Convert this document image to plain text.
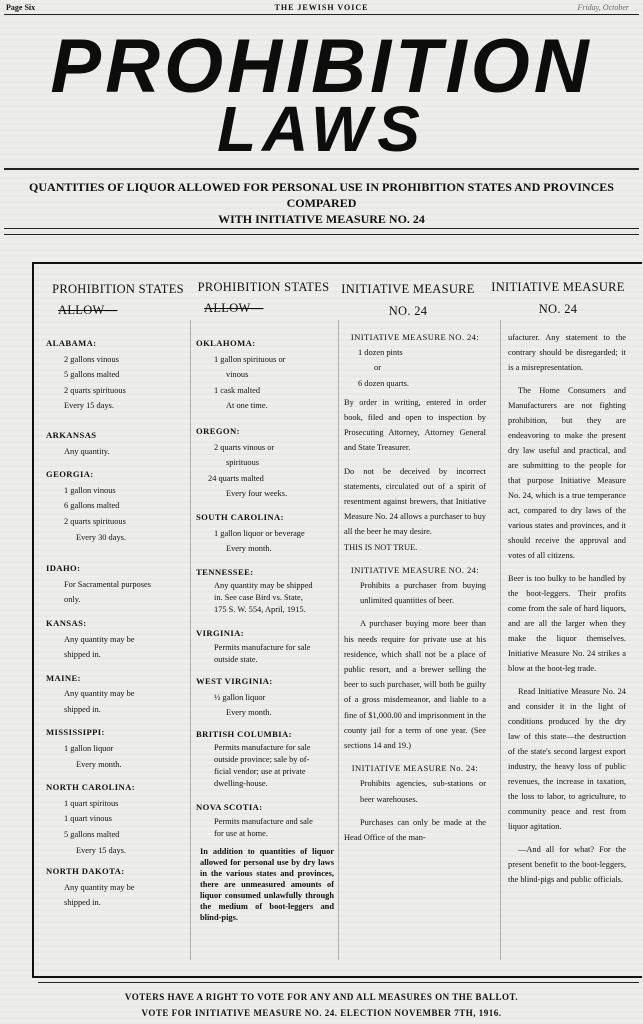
Page Six	THE JEWISH VOICE	Friday, October
PROHIBITION
LAWS
QUANTITIES OF LIQUOR ALLOWED FOR PERSONAL USE IN PROHIBITION STATES AND PROVINCES COMPARED
WITH INITIATIVE MEASURE NO. 24
PROHIBITION STATES
ALLOW—
PROHIBITION STATES
ALLOW—
INITIATIVE MEASURE
NO. 24
INITIATIVE MEASURE
NO. 24
ALABAMA:

2 gallons vinous

5 gallons malted

2 quarts spirituous

Every 15 days.

ARKANSAS

Any quantity.

GEORGIA:

1 gallon vinous

6 gallons malted

2 quarts spirituous

Every 30 days.

IDAHO:

For Sacramental purposes

only.

KANSAS:

Any quantity may be

shipped in.

MAINE:

Any quantity may be

shipped in.

MISSISSIPPI:

1 gallon liquor

Every month.

NORTH CAROLINA:

1 quart spiritous

1 quart vinous

5 gallons malted

Every 15 days.

NORTH DAKOTA:

Any quantity may be

shipped in.

OKLAHOMA:

1 gallon spirituous or

vinous

1 cask malted

At one time.

OREGON:

2 quarts vinous or

spirituous

24 quarts malted

Every four weeks.

SOUTH CAROLINA:

1 gallon liquor or beverage

Every month.

TENNESSEE:

Any quantity may be shipped

in. See case Bird vs. State,

175 S. W. 554, April, 1915.

VIRGINIA:

Permits manufacture for sale

outside state.

WEST VIRGINIA:

½ gallon liquor

Every month.

BRITISH COLUMBIA:

Permits manufacture for sale

outside province; sale by of-

ficial vendor; use at private

dwelling-house.

NOVA SCOTIA:

Permits manufacture and sale

for use at home.

In addition to quantities of liquor allowed for personal use by dry laws in the various states and provinces, there are unmeasured amounts of liquor consumed unlawfully through the medium of boot-leggers and blind-pigs.

INITIATIVE MEASURE NO. 24:

1 dozen pints

or

6 dozen quarts.

By order in writing, entered in order book, filed and open to inspection by Prosecuting Attorney, Attorney General and State Treasurer.

Do not be deceived by incorrect statements, circulated out of a spirit of resentment against brewers, that Initiative Measure No. 24 allows a purchaser to buy all the beer he may desire.

THIS IS NOT TRUE.

INITIATIVE MEASURE NO. 24:

Prohibits a purchaser from buying unlimited quantities of beer.

A purchaser buying more beer than his needs require for private use at his residence, which shall not be a place of public resort, and a brewer selling the beer to such purchaser, will both be guilty of a gross misdemeanor, and liable to a fine of $1,000.00 and imprisonment in the county jail for a term of one year. (See sections 14 and 19.)

INITIATIVE MEASURE No. 24:

Prohibits agencies, sub-stations or beer warehouses.

Purchases can only be made at the Head Office of the man-

ufacturer. Any statement to the contrary should be disregarded; it is a misrepresentation.

The Home Consumers and Manufacturers are not fighting prohibition, but they are endeavoring to make the present dry law useful and practical, and are submitting to the people for that purpose Initiative Measure No. 24, which is a true temperance act, compared to dry laws of the various states and provinces, and it should receive the approval and votes of all citizens.

Beer is too bulky to be handled by the boot-leggers. Their profits come from the sale of hard liquors, and are all the larger when they make the liquor themselves. Initiative Measure No. 24 strikes a blow at the boot-leg trade.

Read Initiative Measure No. 24 and consider it in the light of conditions produced by the dry law of this state—the destruction of the state's second largest export industry, the heavy loss of public revenues, the increase in taxation, the loss to labor, to agriculture, to community peace and rest from liquor agitation.

—And all for what? For the present benefit to the boot-leggers, the blind-pigs and public officials.

VOTERS HAVE A RIGHT TO VOTE FOR ANY AND ALL MEASURES ON THE BALLOT.
VOTE FOR INITIATIVE MEASURE NO. 24. ELECTION NOVEMBER 7TH, 1916.
